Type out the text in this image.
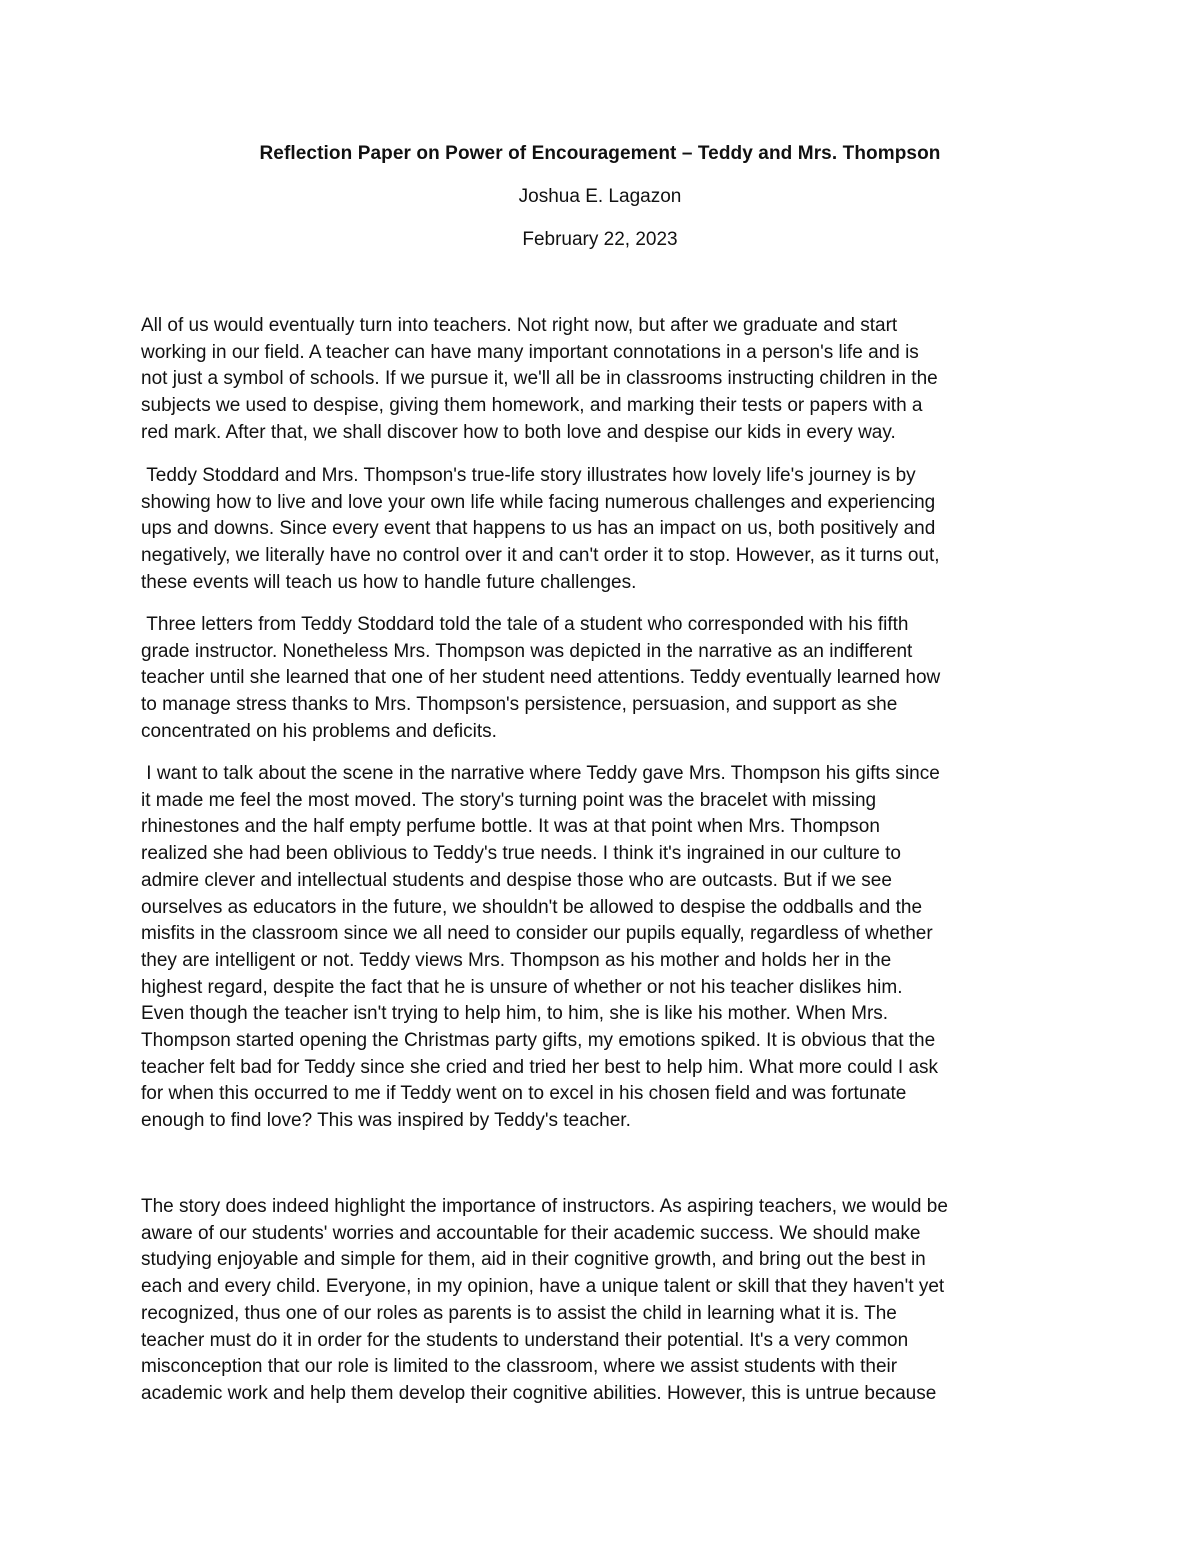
Reflection Paper on Power of Encouragement – Teddy and Mrs. Thompson
Joshua E. Lagazon
February 22, 2023

All of us would eventually turn into teachers. Not right now, but after we graduate and start
working in our field. A teacher can have many important connotations in a person's life and is
not just a symbol of schools. If we pursue it, we'll all be in classrooms instructing children in the
subjects we used to despise, giving them homework, and marking their tests or papers with a
red mark. After that, we shall discover how to both love and despise our kids in every way.

Teddy Stoddard and Mrs. Thompson's true-life story illustrates how lovely life's journey is by
showing how to live and love your own life while facing numerous challenges and experiencing
ups and downs. Since every event that happens to us has an impact on us, both positively and
negatively, we literally have no control over it and can't order it to stop. However, as it turns out,
these events will teach us how to handle future challenges.

Three letters from Teddy Stoddard told the tale of a student who corresponded with his fifth
grade instructor. Nonetheless Mrs. Thompson was depicted in the narrative as an indifferent
teacher until she learned that one of her student need attentions. Teddy eventually learned how
to manage stress thanks to Mrs. Thompson's persistence, persuasion, and support as she
concentrated on his problems and deficits.

I want to talk about the scene in the narrative where Teddy gave Mrs. Thompson his gifts since
it made me feel the most moved. The story's turning point was the bracelet with missing
rhinestones and the half empty perfume bottle. It was at that point when Mrs. Thompson
realized she had been oblivious to Teddy's true needs. I think it's ingrained in our culture to
admire clever and intellectual students and despise those who are outcasts. But if we see
ourselves as educators in the future, we shouldn't be allowed to despise the oddballs and the
misfits in the classroom since we all need to consider our pupils equally, regardless of whether
they are intelligent or not. Teddy views Mrs. Thompson as his mother and holds her in the
highest regard, despite the fact that he is unsure of whether or not his teacher dislikes him.
Even though the teacher isn't trying to help him, to him, she is like his mother. When Mrs.
Thompson started opening the Christmas party gifts, my emotions spiked. It is obvious that the
teacher felt bad for Teddy since she cried and tried her best to help him. What more could I ask
for when this occurred to me if Teddy went on to excel in his chosen field and was fortunate
enough to find love? This was inspired by Teddy's teacher.

The story does indeed highlight the importance of instructors. As aspiring teachers, we would be
aware of our students' worries and accountable for their academic success. We should make
studying enjoyable and simple for them, aid in their cognitive growth, and bring out the best in
each and every child. Everyone, in my opinion, have a unique talent or skill that they haven't yet
recognized, thus one of our roles as parents is to assist the child in learning what it is. The
teacher must do it in order for the students to understand their potential. It's a very common
misconception that our role is limited to the classroom, where we assist students with their
academic work and help them develop their cognitive abilities. However, this is untrue because
